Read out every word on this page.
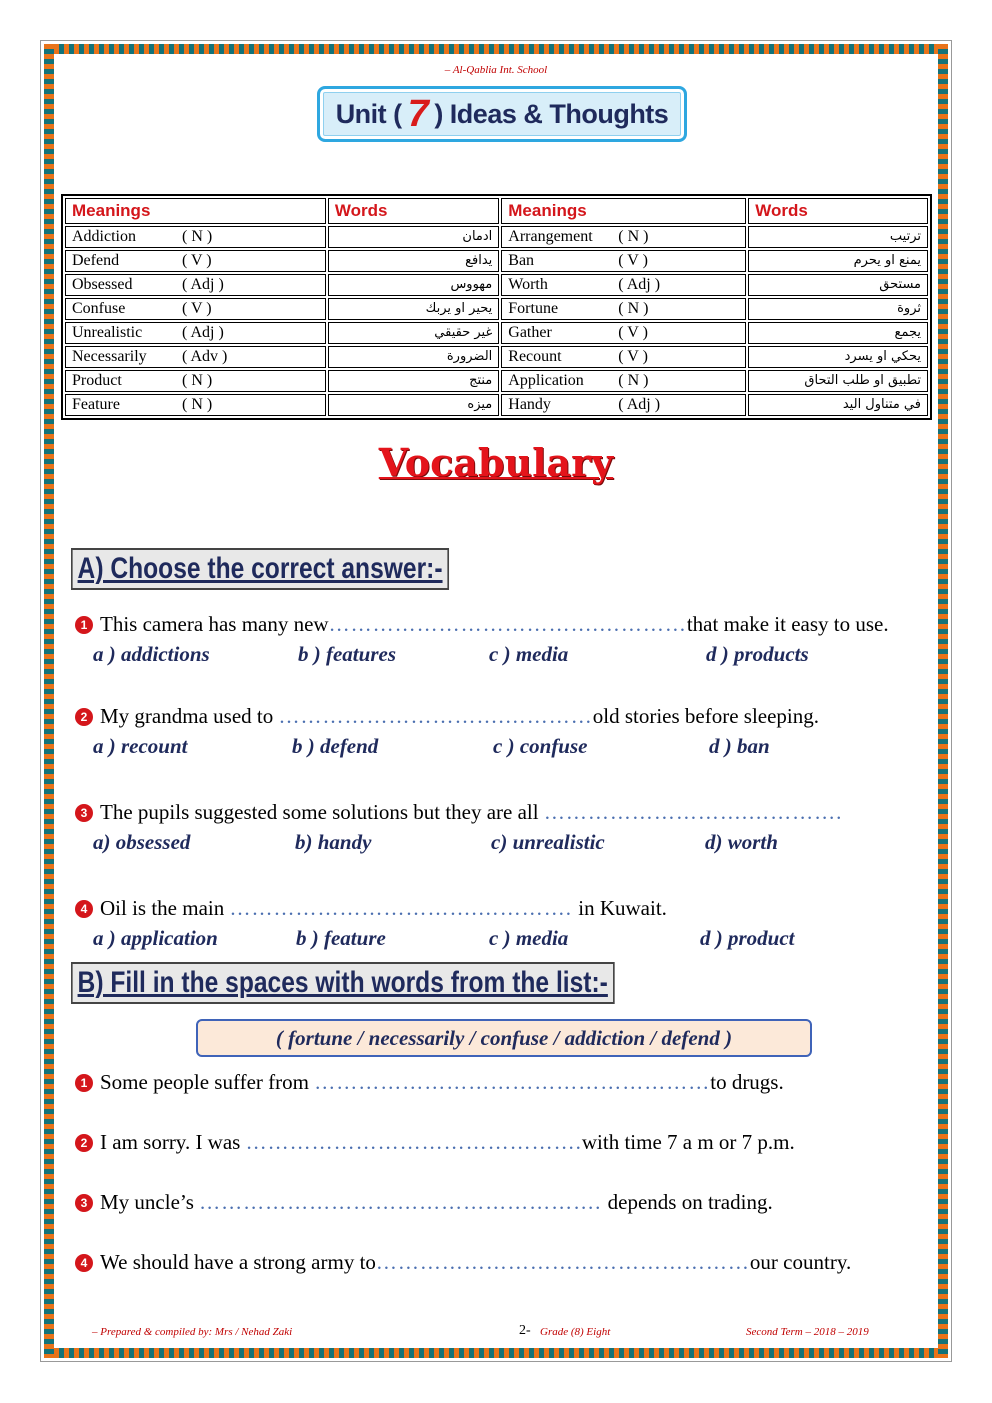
– Al-Qablia Int. School
Unit ( 7 ) Ideas & Thoughts
Meanings	Words	Meanings	Words
Addiction ( N )	ادمان	Arrangement ( N )	ترتيب
Defend ( V )	يدافع	Ban ( V )	يمنع او يحرم
Obsessed ( Adj )	مهووس	Worth ( Adj )	مستحق
Confuse ( V )	يحير او يربك	Fortune ( N )	ثروة
Unrealistic ( Adj )	غير حقيقي	Gather ( V )	يجمع
Necessarily ( Adv )	الضرورة	Recount ( V )	يحكي او يسرد
Product ( N )	منتج	Application ( N )	تطبيق او طلب التحاق
Feature ( N )	ميزه	Handy ( Adj )	في متناول اليد
Vocabulary
A) Choose the correct answer:-
1 This camera has many new……………………………….…………that make it easy to use.
a ) addictions	b ) features	c ) media	d ) products
2 My grandma used to ………………………….…………old stories before sleeping.
a ) recount	b ) defend	c ) confuse	d ) ban
3 The pupils suggested some solutions but they are all ……………………….………….
a) obsessed	b) handy	c) unrealistic	d) worth
4 Oil is the main …………………………….…………. in Kuwait.
a ) application	b ) feature	c ) media	d ) product
B) Fill in the spaces with words from the list:-
( fortune / necessarily / confuse / addiction / defend )
1 Some people suffer from ………………………………………………to drugs.
2 I am sorry. I was ……………………………………….with time 7 a m or 7 p.m.
3 My uncle’s ………………………………………………. depends on trading.
4 We should have a strong army to……………………………………………our country.
– Prepared & compiled by: Mrs / Nehad Zaki	2- Grade (8) Eight	Second Term – 2018 – 2019
